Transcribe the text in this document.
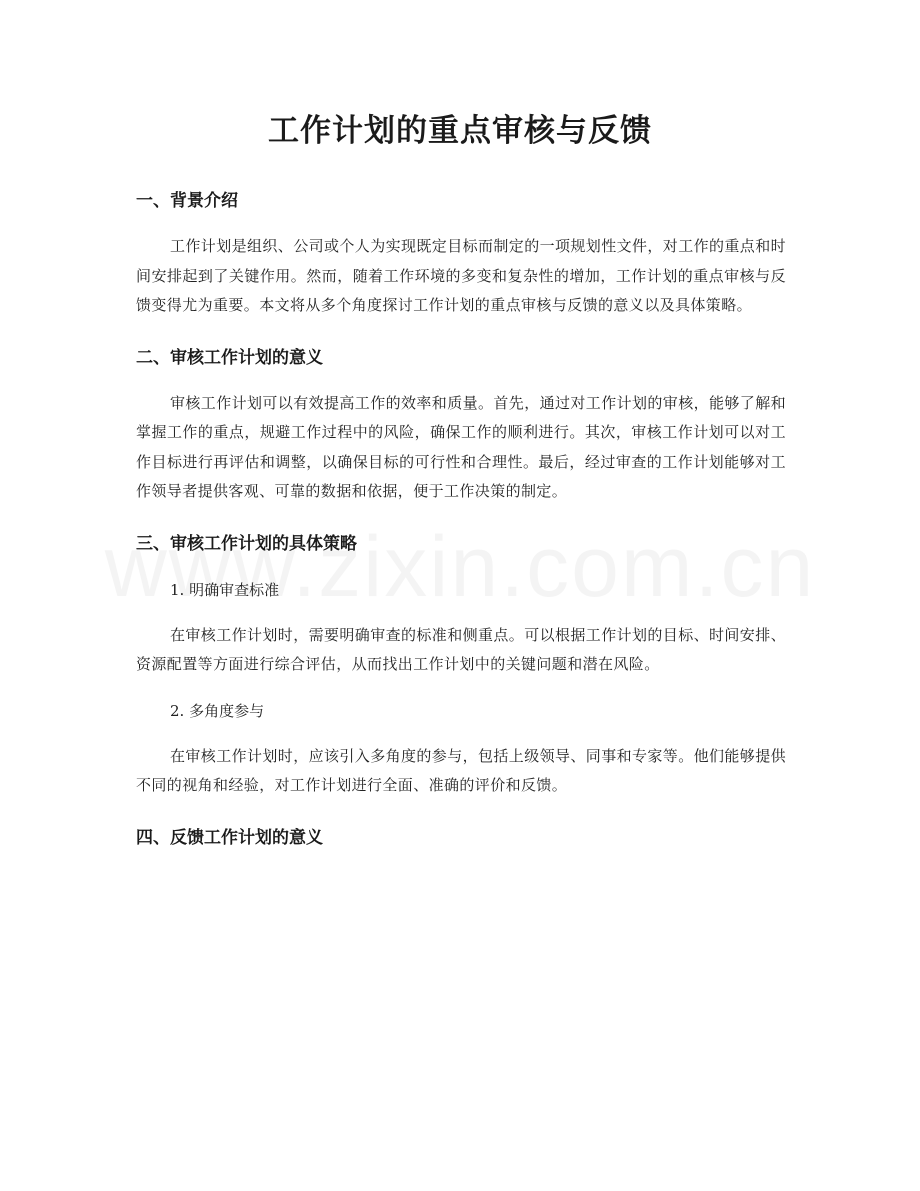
工作计划的重点审核与反馈
一、背景介绍

工作计划是组织、公司或个人为实现既定目标而制定的一项规划性文件，对工作的重点和时间安排起到了关键作用。然而，随着工作环境的多变和复杂性的增加，工作计划的重点审核与反馈变得尤为重要。本文将从多个角度探讨工作计划的重点审核与反馈的意义以及具体策略。

二、审核工作计划的意义

审核工作计划可以有效提高工作的效率和质量。首先，通过对工作计划的审核，能够了解和掌握工作的重点，规避工作过程中的风险，确保工作的顺利进行。其次，审核工作计划可以对工作目标进行再评估和调整，以确保目标的可行性和合理性。最后，经过审查的工作计划能够对工作领导者提供客观、可靠的数据和依据，便于工作决策的制定。

三、审核工作计划的具体策略

1. 明确审查标准

在审核工作计划时，需要明确审查的标准和侧重点。可以根据工作计划的目标、时间安排、资源配置等方面进行综合评估，从而找出工作计划中的关键问题和潜在风险。

2. 多角度参与

在审核工作计划时，应该引入多角度的参与，包括上级领导、同事和专家等。他们能够提供不同的视角和经验，对工作计划进行全面、准确的评价和反馈。

四、反馈工作计划的意义
